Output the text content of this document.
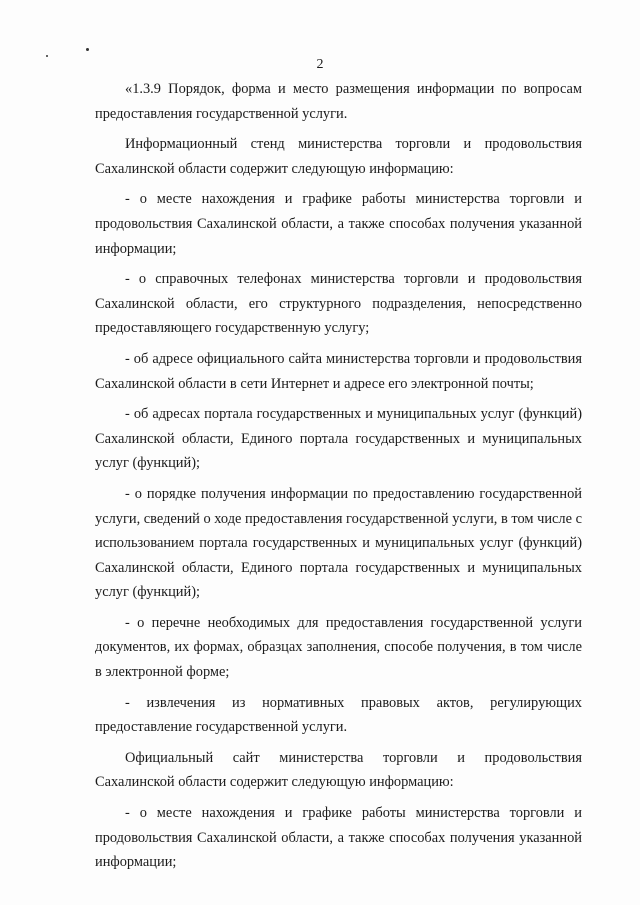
2

«1.3.9 Порядок, форма и место размещения информации по вопросам предоставления государственной услуги.

Информационный стенд министерства торговли и продовольствия Сахалинской области содержит следующую информацию:

- о месте нахождения и графике работы министерства торговли и продовольствия Сахалинской области, а также способах получения указанной информации;

- о справочных телефонах министерства торговли и продовольствия Сахалинской области, его структурного подразделения, непосредственно предоставляющего государственную услугу;

- об адресе официального сайта министерства торговли и продовольствия Сахалинской области в сети Интернет и адресе его электронной почты;

- об адресах портала государственных и муниципальных услуг (функций) Сахалинской области, Единого портала государственных и муниципальных услуг (функций);

- о порядке получения информации по предоставлению государственной услуги, сведений о ходе предоставления государственной услуги, в том числе с использованием портала государственных и муниципальных услуг (функций) Сахалинской области, Единого портала государственных и муниципальных услуг (функций);

- о перечне необходимых для предоставления государственной услуги документов, их формах, образцах заполнения, способе получения, в том числе в электронной форме;

- извлечения из нормативных правовых актов, регулирующих предоставление государственной услуги.

Официальный сайт министерства торговли и продовольствия Сахалинской области содержит следующую информацию:

- о месте нахождения и графике работы министерства торговли и продовольствия Сахалинской области, а также способах получения указанной информации;
